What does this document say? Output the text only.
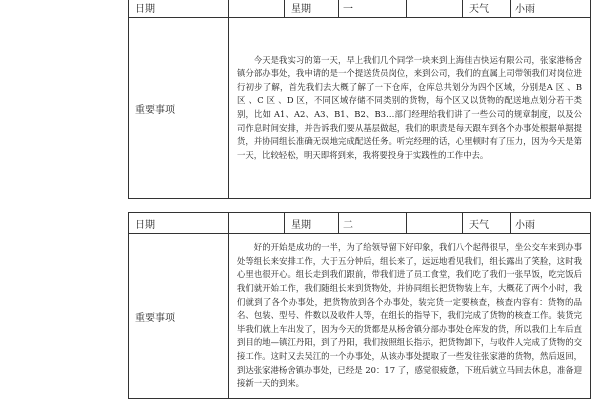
日期		星期	一		天气	小雨
重要事项	今天是我实习的第一天，早上我们几个同学一块来到上海佳吉快运有限公司，张家港杨舍镇分部办事处，我申请的是一个提送货员岗位，来到公司，我们的直属上司带领我们对岗位进行初步了解，首先我们去大概了解了一下仓库，仓库总共划分为四个区域，分别是A 区 、B 区 、C 区 、D 区，不同区域存储不同类别的货物，每个区又以货物的配送地点划分若干类别，比如 A1、A2、A3、B1、B2、B3…部门经理给我们讲了一些公司的规章制度，以及公司作息时间安排，并告诉我们要从基层做起，我们的职责是每天跟车到各个办事处根据单据提货，并协同组长准确无误地完成配送任务。听完经理的话，心里顿时有了压力，因为今天是第一天，比较轻松，明天即将到来，我将要投身于实践性的工作中去。					

日期		星期	二		天气	小雨
重要事项	好的开始是成功的一半，为了给领导留下好印象，我们八个起得很早，坐公交车来到办事处等组长来安排工作，大于五分钟后，组长来了，远远地看见我们，组长露出了笑脸，这时我心里也很开心。组长走到我们跟前，带我们进了员工食堂，我们吃了我们一张早饭，吃完饭后我们就开始工作，我们随组长来到货物处，并协同组长把货物装上车，大概花了两个小时，我们就到了各个办事处，把货物放到各个办事处，装完货一定要核查，核查内容有：货物的品名、包装、型号、件数以及收件人等，在组长的指导下，我们完成了货物的核查工作。装货完毕我们就上车出发了，因为今天的货都是从杨舍镇分部办事处仓库发的货，所以我们上车后直到目的地—镇江丹阳，到了丹阳，我们按照组长指示，把货物卸下，与收件人完成了货物的交接工作。这时又去吴江的一个办事处，从该办事处提取了一些发往张家港的货物，然后返回，到达张家港杨舍镇办事处，已经是 20：17 了，感觉很疲惫，下班后就立马回去休息，准备迎接新一天的到来。					
